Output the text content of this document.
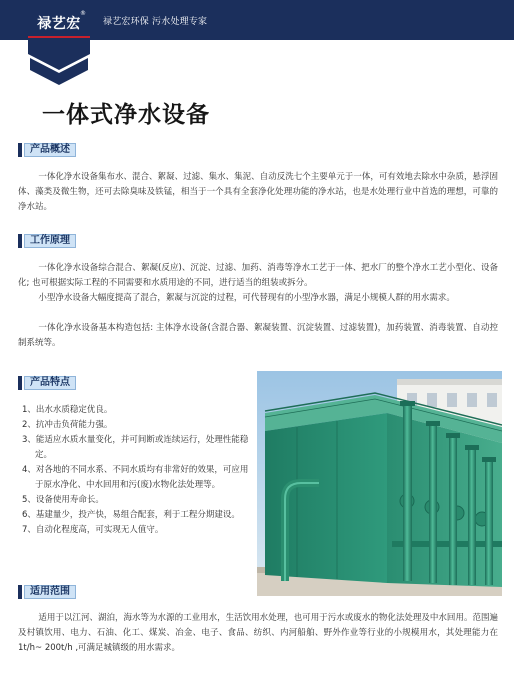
禄艺宏环保 污水处理专家
禄艺宏
®
一体式净水设备
产品概述

一体化净水设备集布水、混合、絮凝、过滤、集水、集泥、自动反洗七个主要单元于一体，可有效地去除水中杂质，悬浮固体、藻类及微生物，还可去除臭味及铁锰，相当于一个具有全套净化处理功能的净水站，也是水处理行业中首选的理想，可靠的净水站。

工作原理

一体化净水设备综合混合、絮凝(反应)、沉淀、过滤、加药、消毒等净水工艺于一体、把水厂的整个净水工艺小型化、设备化; 也可根据实际工程的不同需要和水质用途的不同，进行适当的组装或拆分。

小型净水设备大幅度提高了混合，絮凝与沉淀的过程，可代替现有的小型净水器，满足小规模人群的用水需求。

一体化净水设备基本构造包括: 主体净水设备(含混合器、絮凝装置、沉淀装置、过滤装置)，加药装置、消毒装置、自动控制系统等。

产品特点
1、出水水质稳定优良。
2、抗冲击负荷能力强。
3、能适应水质水量变化，并可间断或连续运行，处理性能稳定。
4、对各地的不同水系、不同水质均有非常好的效果，可应用于原水净化、中水回用和污(废)水物化法处理等。
5、设备使用寿命长。
6、基建量少，投产快，易组合配套，利于工程分期建设。
7、自动化程度高，可实现无人值守。
适用范围

适用于以江河、湖泊，海水等为水源的工业用水，生活饮用水处理，也可用于污水或废水的物化法处理及中水回用。范围遍及村镇饮用、电力、石油、化工、煤炭、冶金、电子、食品、纺织、内河船舶、野外作业等行业的小规模用水，其处理能力在1t/h~ 200t/h ,可满足城镇级的用水需求。
